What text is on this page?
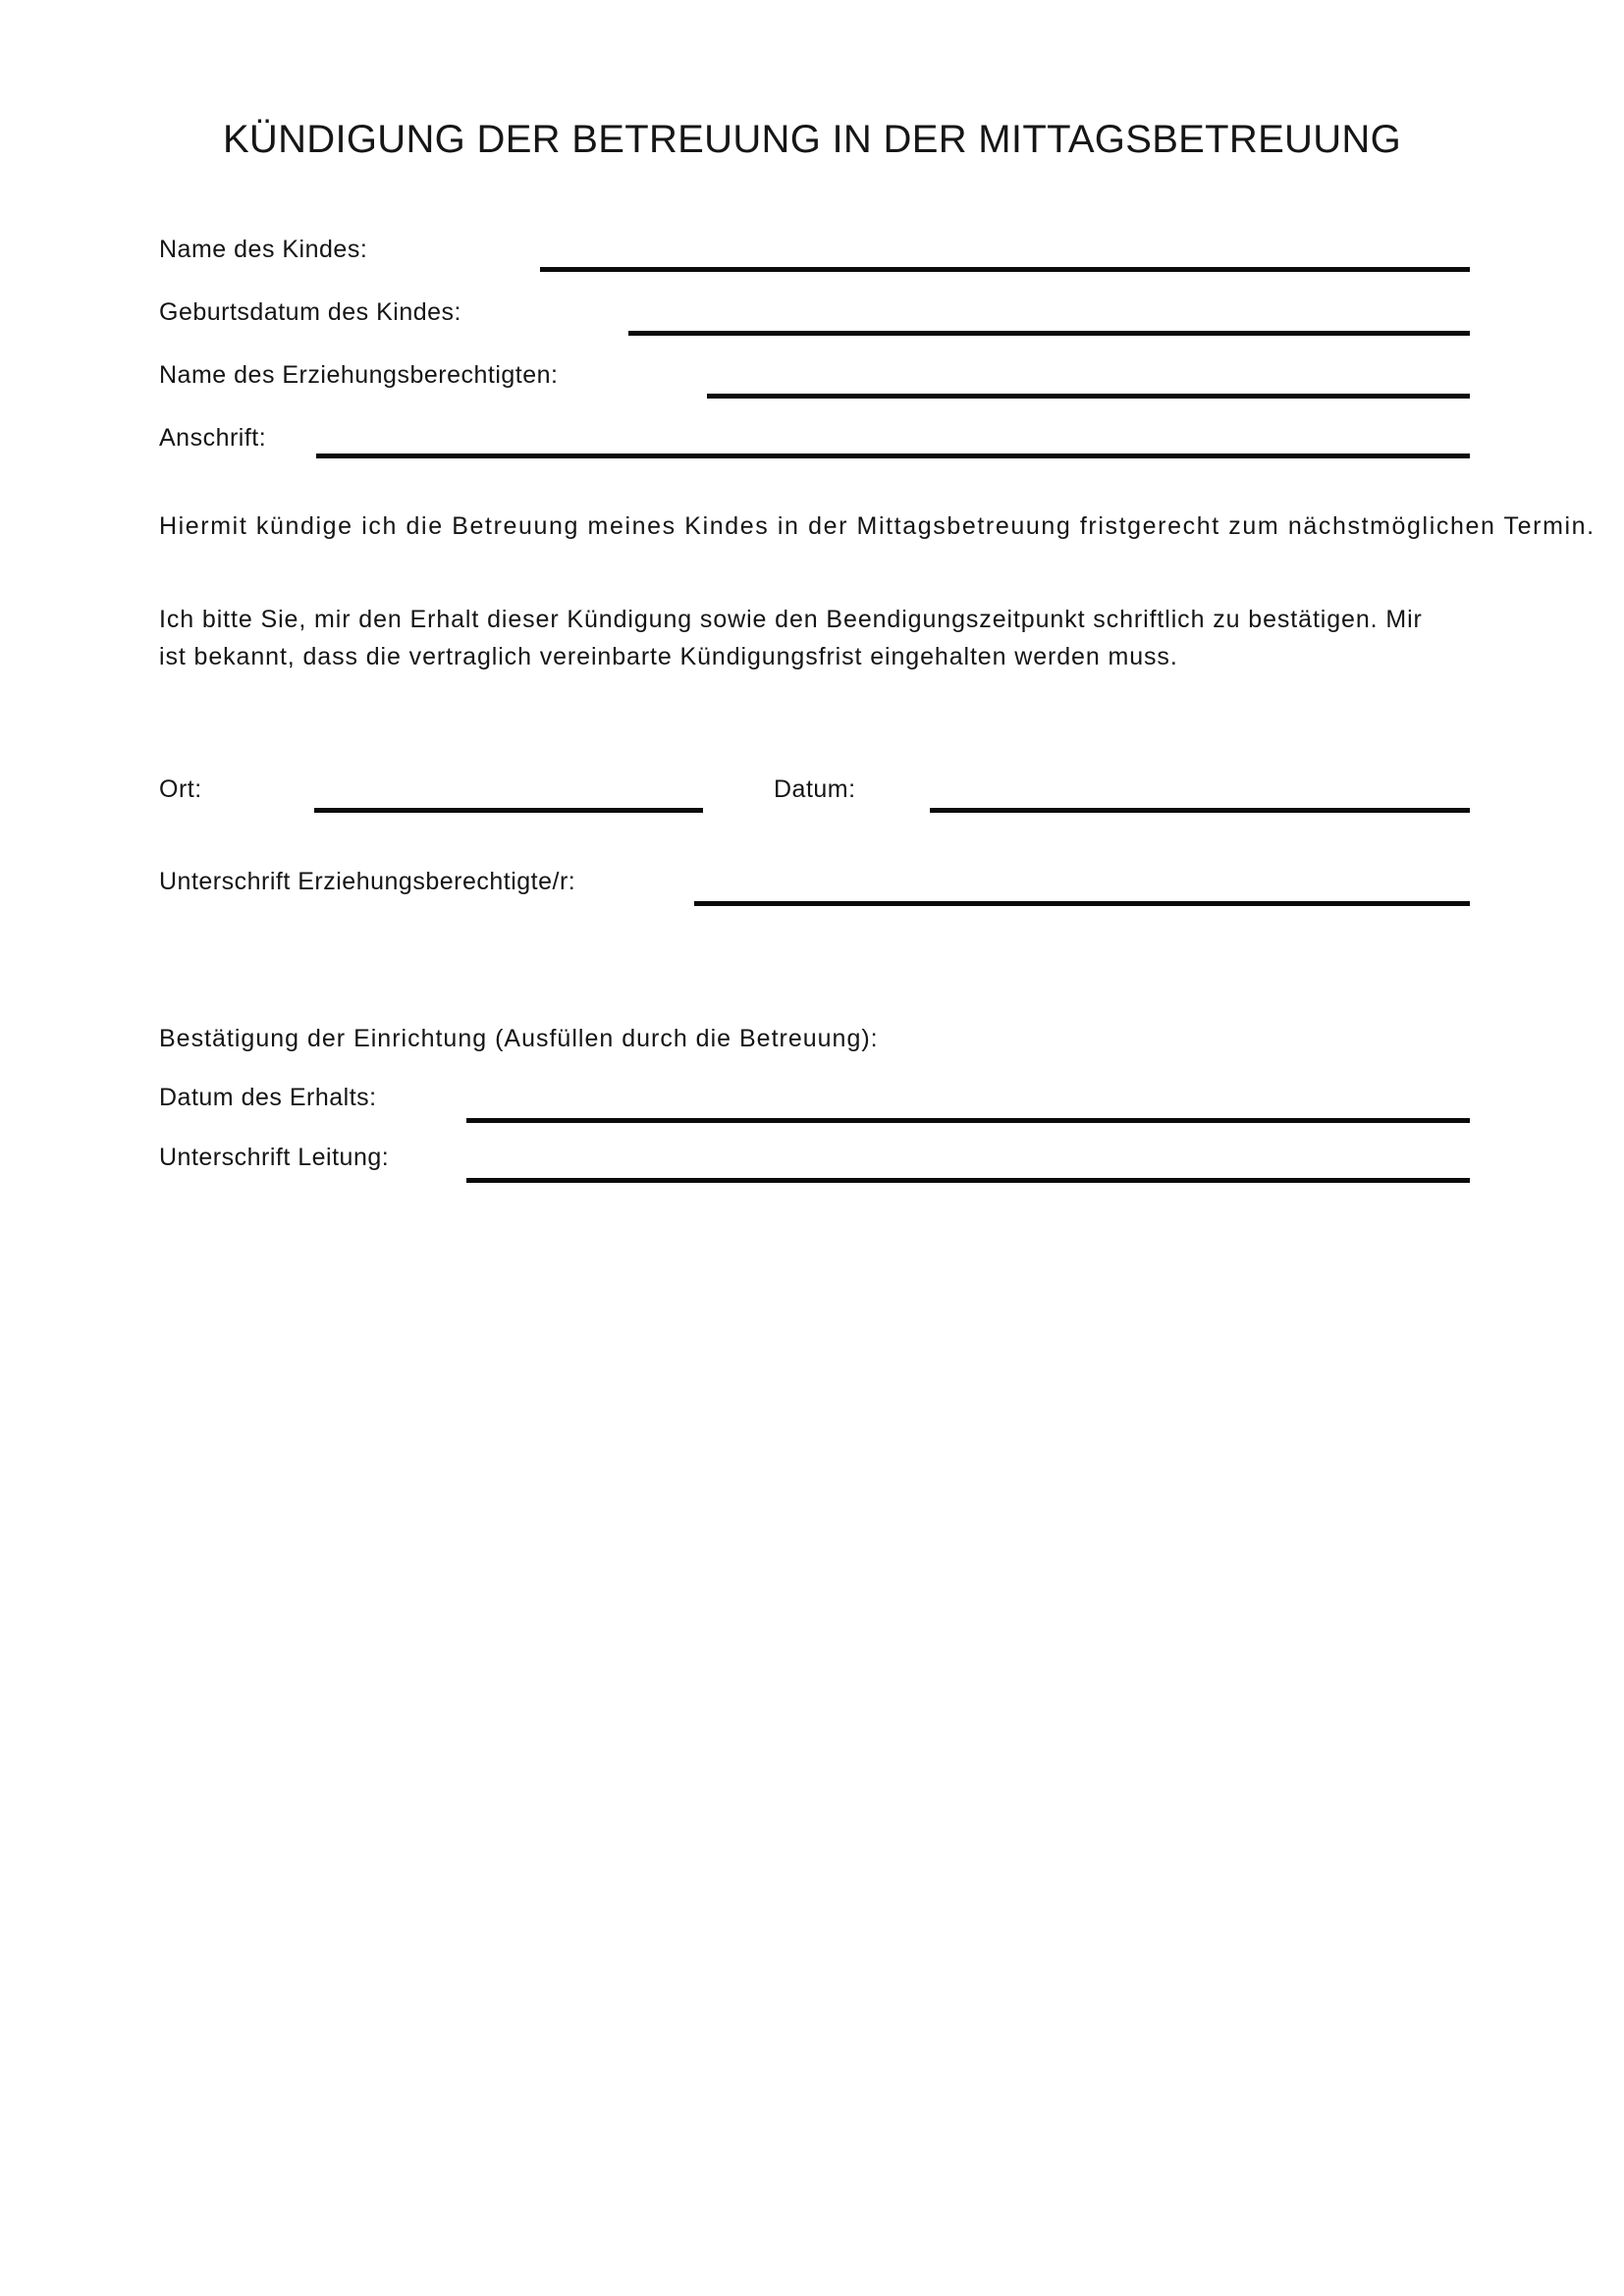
KÜNDIGUNG DER BETREUUNG IN DER MITTAGSBETREUUNG
Name des Kindes:
Geburtsdatum des Kindes:
Name des Erziehungsberechtigten:
Anschrift:
Hiermit kündige ich die Betreuung meines Kindes in der Mittagsbetreuung fristgerecht zum nächstmöglichen Termin.
Ich bitte Sie, mir den Erhalt dieser Kündigung sowie den Beendigungszeitpunkt schriftlich zu bestätigen. Mir
ist bekannt, dass die vertraglich vereinbarte Kündigungsfrist eingehalten werden muss.
Ort:	Datum:
Unterschrift Erziehungsberechtigte/r:
Bestätigung der Einrichtung (Ausfüllen durch die Betreuung):
Datum des Erhalts:
Unterschrift Leitung:
